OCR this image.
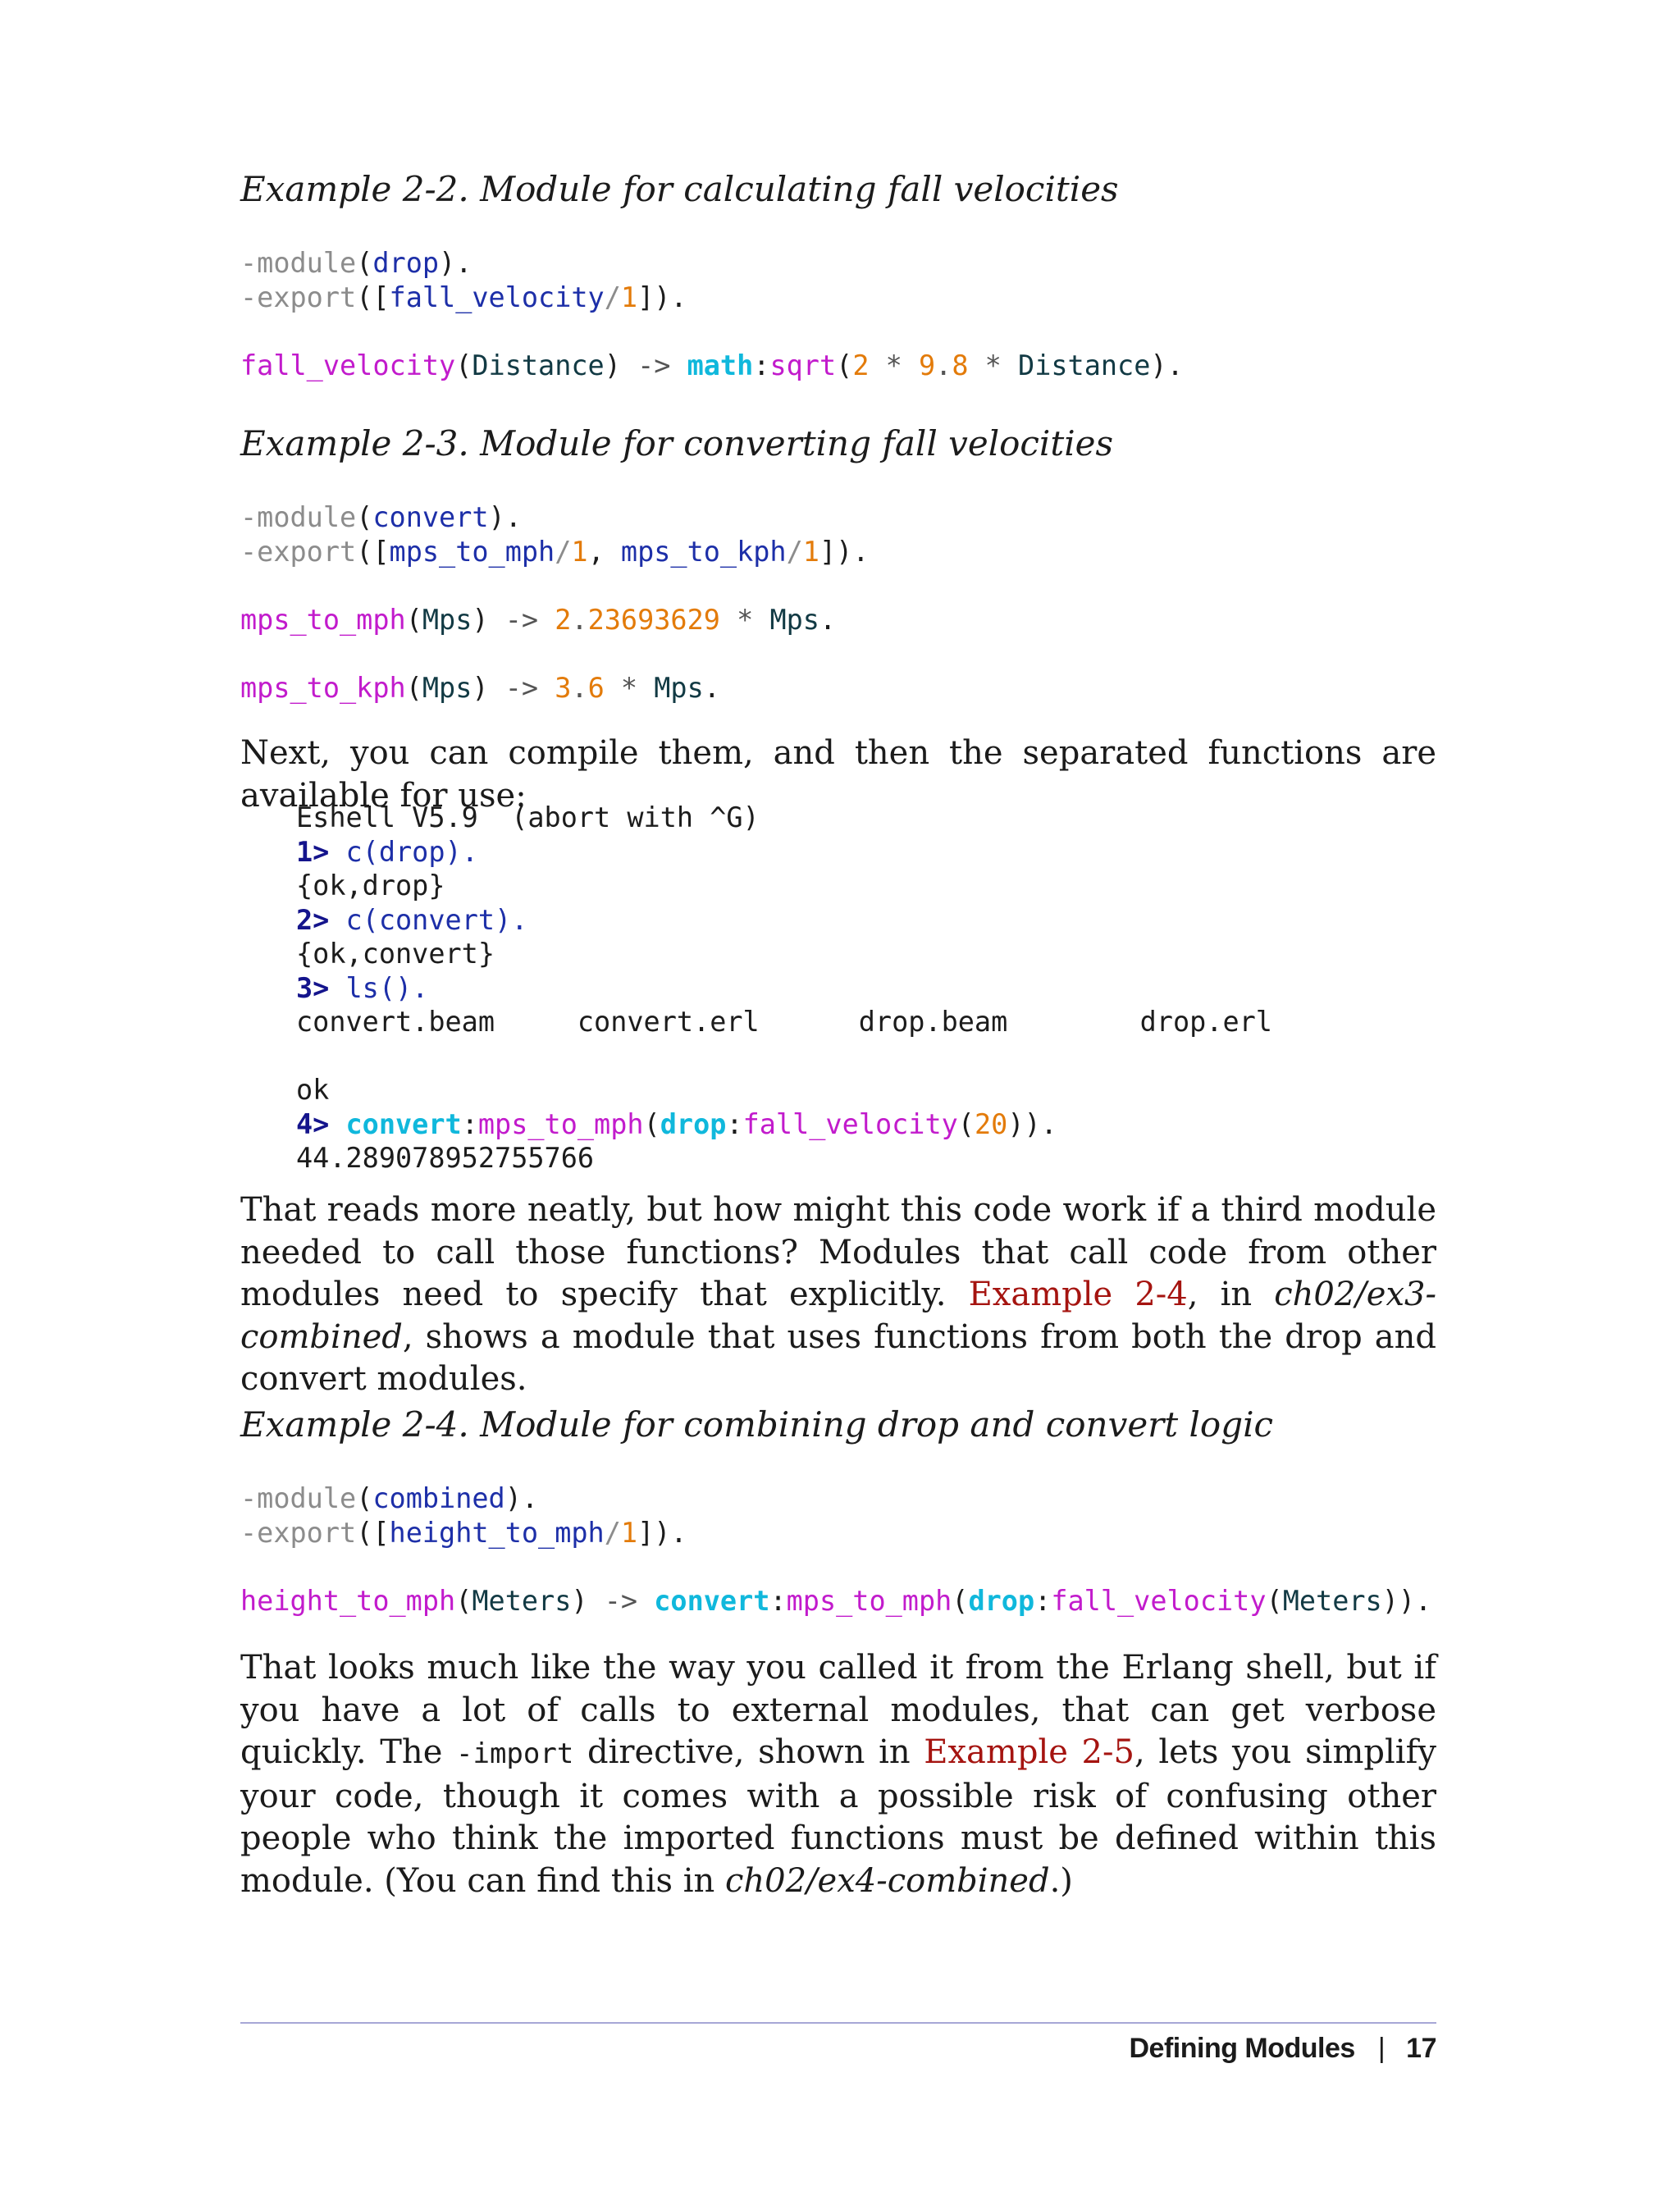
Example 2-2. Module for calculating fall velocities
-module(drop).
-export([fall_velocity/1]).
fall_velocity(Distance) -> math:sqrt(2 * 9.8 * Distance).
Example 2-3. Module for converting fall velocities
-module(convert).
-export([mps_to_mph/1, mps_to_kph/1]).
mps_to_mph(Mps) -> 2.23693629 * Mps.
mps_to_kph(Mps) -> 3.6 * Mps.

Next, you can compile them, and then the separated functions are available for use:

Eshell V5.9  (abort with ^G)
1> c(drop).
{ok,drop}
2> c(convert).
{ok,convert}
3> ls().
convert.beam     convert.erl      drop.beam        drop.erl
ok
4> convert:mps_to_mph(drop:fall_velocity(20)).
44.289078952755766

That reads more neatly, but how might this code work if a third module needed to call those functions? Modules that call code from other modules need to specify that explicitly. Example 2-4, in ch02/ex3-combined, shows a module that uses functions from both the drop and convert modules.

Example 2-4. Module for combining drop and convert logic
-module(combined).
-export([height_to_mph/1]).
height_to_mph(Meters) -> convert:mps_to_mph(drop:fall_velocity(Meters)).

That looks much like the way you called it from the Erlang shell, but if you have a lot of calls to external modules, that can get verbose quickly. The -import directive, shown in Example 2-5, lets you simplify your code, though it comes with a possible risk of confusing other people who think the imported functions must be defined within this module. (You can find this in ch02/ex4-combined.)

Defining Modules | 17
